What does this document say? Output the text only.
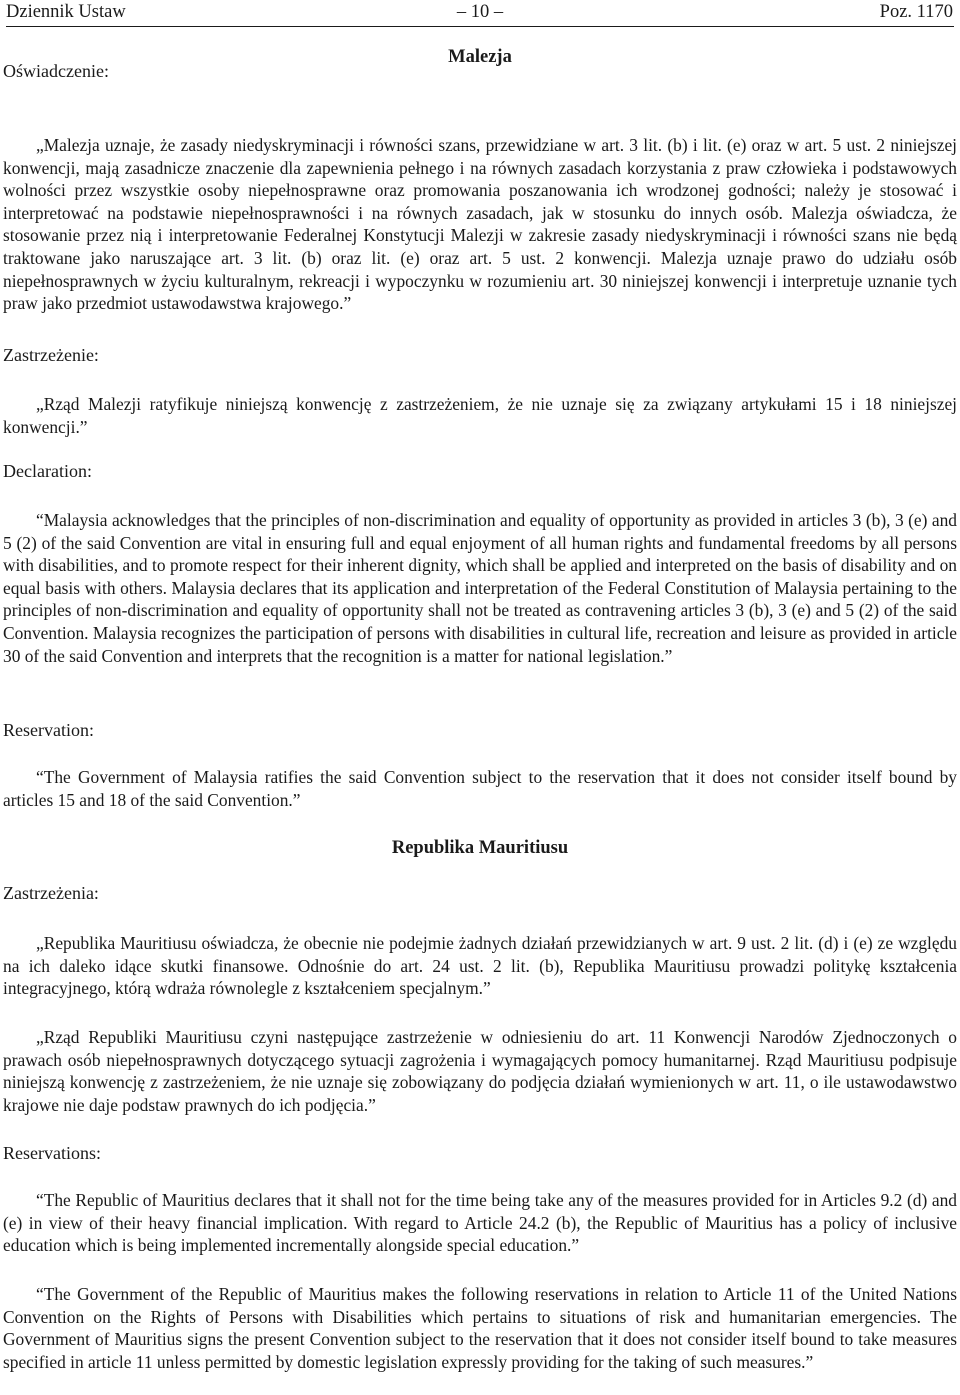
Dziennik Ustaw	– 10 –	Poz. 1170

Malezja

Oświadczenie:

„Malezja uznaje, że zasady niedyskryminacji i równości szans, przewidziane w art. 3 lit. (b) i lit. (e) oraz w art. 5 ust. 2 niniejszej konwencji, mają zasadnicze znaczenie dla zapewnienia pełnego i na równych zasadach korzystania z praw człowieka i podstawowych wolności przez wszystkie osoby niepełnosprawne oraz promowania poszanowania ich wrodzonej godności; należy je stosować i interpretować na podstawie niepełnosprawności i na równych zasadach, jak w stosunku do innych osób. Malezja oświadcza, że stosowanie przez nią i interpretowanie Federalnej Konstytucji Malezji w zakresie zasady niedyskryminacji i równości szans nie będą traktowane jako naruszające art. 3 lit. (b) oraz lit. (e) oraz art. 5 ust. 2 konwencji. Malezja uznaje prawo do udziału osób niepełnosprawnych w życiu kulturalnym, rekreacji i wypoczynku w rozumieniu art. 30 niniejszej konwencji i interpretuje uznanie tych praw jako przedmiot ustawodawstwa krajowego.”

Zastrzeżenie:

„Rząd Malezji ratyfikuje niniejszą konwencję z zastrzeżeniem, że nie uznaje się za związany artykułami 15 i 18 niniejszej konwencji.”

Declaration:

“Malaysia acknowledges that the principles of non-discrimination and equality of opportunity as provided in articles 3 (b), 3 (e) and 5 (2) of the said Convention are vital in ensuring full and equal enjoyment of all human rights and fundamental freedoms by all persons with disabilities, and to promote respect for their inherent dignity, which shall be applied and interpreted on the basis of disability and on equal basis with others. Malaysia declares that its application and interpretation of the Federal Constitution of Malaysia pertaining to the principles of non-discrimination and equality of opportunity shall not be treated as contravening articles 3 (b), 3 (e) and 5 (2) of the said Convention. Malaysia recognizes the participation of persons with disabilities in cultural life, recreation and leisure as provided in article 30 of the said Convention and interprets that the recognition is a matter for national legislation.”

Reservation:

“The Government of Malaysia ratifies the said Convention subject to the reservation that it does not consider itself bound by articles 15 and 18 of the said Convention.”

Republika Mauritiusu

Zastrzeżenia:

„Republika Mauritiusu oświadcza, że obecnie nie podejmie żadnych działań przewidzianych w art. 9 ust. 2 lit. (d) i (e) ze względu na ich daleko idące skutki finansowe. Odnośnie do art. 24 ust. 2 lit. (b), Republika Mauritiusu prowadzi politykę kształcenia integracyjnego, którą wdraża równolegle z kształceniem specjalnym.”

„Rząd Republiki Mauritiusu czyni następujące zastrzeżenie w odniesieniu do art. 11 Konwencji Narodów Zjednoczonych o prawach osób niepełnosprawnych dotyczącego sytuacji zagrożenia i wymagających pomocy humanitarnej. Rząd Mauritiusu podpisuje niniejszą konwencję z zastrzeżeniem, że nie uznaje się zobowiązany do podjęcia działań wymienionych w art. 11, o ile ustawodawstwo krajowe nie daje podstaw prawnych do ich podjęcia.”

Reservations:

“The Republic of Mauritius declares that it shall not for the time being take any of the measures provided for in Articles 9.2 (d) and (e) in view of their heavy financial implication. With regard to Article 24.2 (b), the Republic of Mauritius has a policy of inclusive education which is being implemented incrementally alongside special education.”

“The Government of the Republic of Mauritius makes the following reservations in relation to Article 11 of the United Nations Convention on the Rights of Persons with Disabilities which pertains to situations of risk and humanitarian emergencies. The Government of Mauritius signs the present Convention subject to the reservation that it does not consider itself bound to take measures specified in article 11 unless permitted by domestic legislation expressly providing for the taking of such measures.”
